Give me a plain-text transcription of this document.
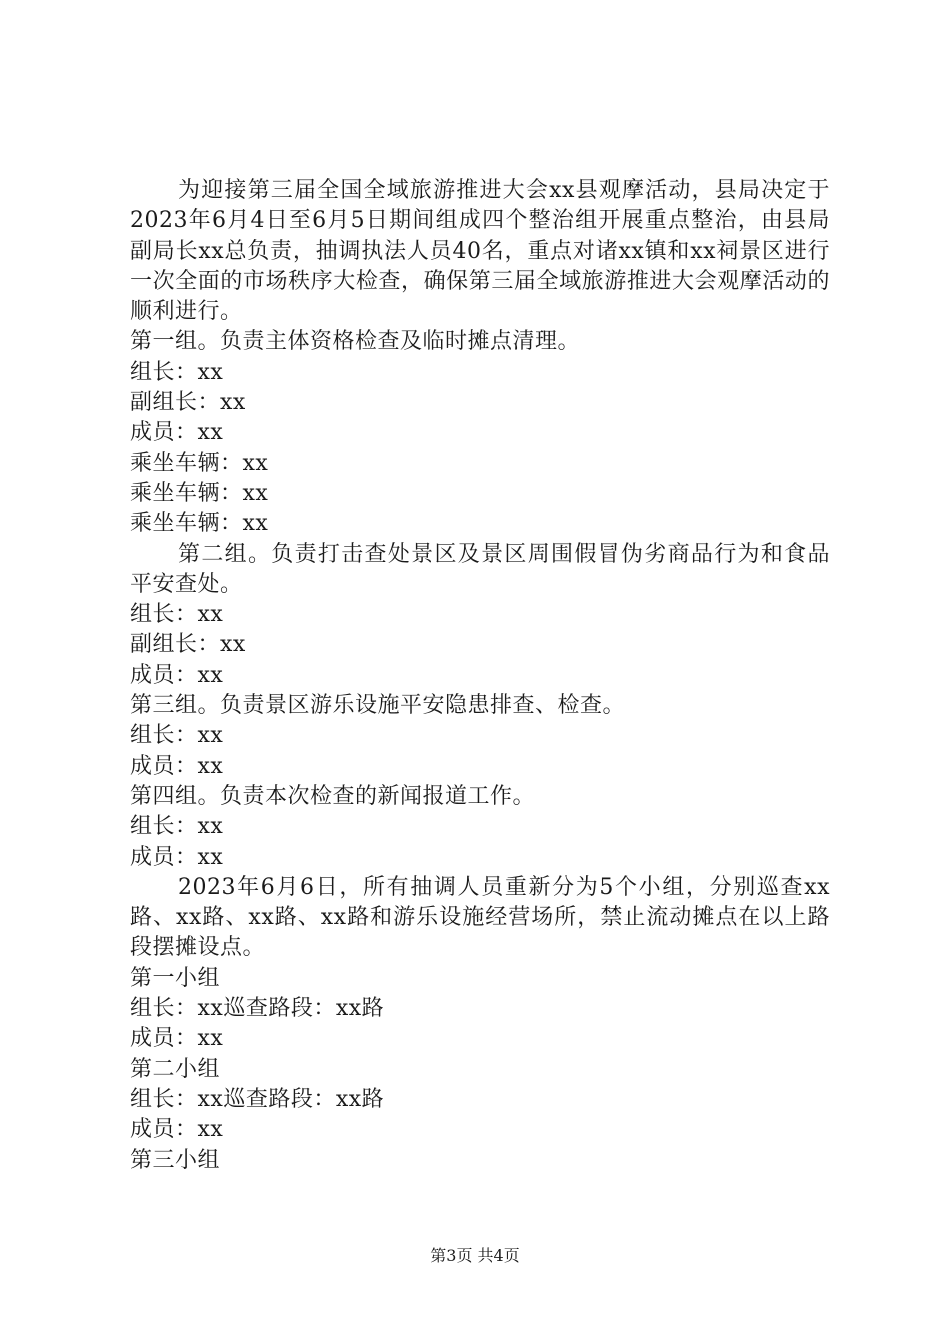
为迎接第三届全国全域旅游推进大会xx县观摩活动，县局决定于2023年6月4日至6月5日期间组成四个整治组开展重点整治，由县局副局长xx总负责，抽调执法人员40名，重点对诸xx镇和xx祠景区进行一次全面的市场秩序大检查，确保第三届全域旅游推进大会观摩活动的顺利进行。

第一组。负责主体资格检查及临时摊点清理。

组长：xx

副组长：xx

成员：xx

乘坐车辆：xx

乘坐车辆：xx

乘坐车辆：xx

第二组。负责打击查处景区及景区周围假冒伪劣商品行为和食品平安查处。

组长：xx

副组长：xx

成员：xx

第三组。负责景区游乐设施平安隐患排查、检查。

组长：xx

成员：xx

第四组。负责本次检查的新闻报道工作。

组长：xx

成员：xx

2023年6月6日，所有抽调人员重新分为5个小组，分别巡查xx路、xx路、xx路、xx路和游乐设施经营场所，禁止流动摊点在以上路段摆摊设点。

第一小组

组长：xx巡查路段：xx路

成员：xx

第二小组

组长：xx巡查路段：xx路

成员：xx

第三小组

第3页 共4页
